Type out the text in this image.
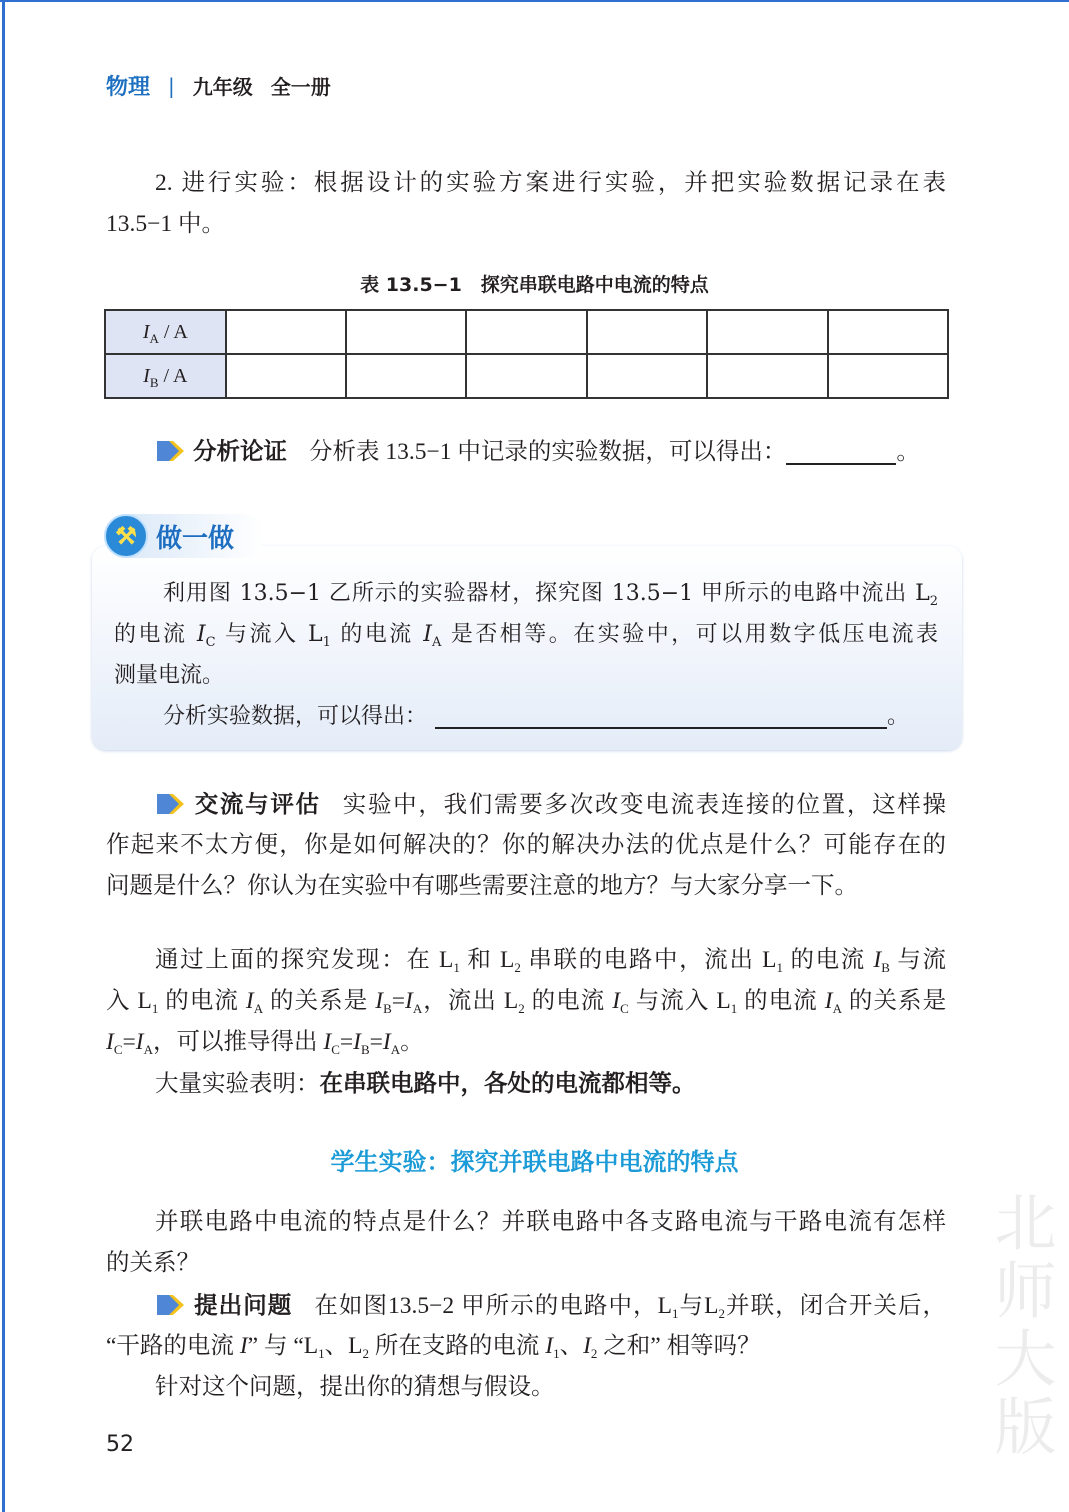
物理 | 九年级 全一册
2. 进行实验：根据设计的实验方案进行实验，并把实验数据记录在表
13.5−1 中。
表 13.5−1　探究串联电路中电流的特点
$I_A$ / A						
$I_B$ / A						
分析论证 分析表 13.5−1 中记录的实验数据，可以得出：	。
⚒ 做一做
利用图 13.5−1 乙所示的实验器材，探究图 13.5−1 甲所示的电路中流出 $L_2$
的电流 $I_C$ 与流入 $L_1$ 的电流 $I_A$ 是否相等。在实验中，可以用数字低压电流表
测量电流。
分析实验数据，可以得出：	。
交流与评估 实验中，我们需要多次改变电流表连接的位置，这样操
作起来不太方便，你是如何解决的？你的解决办法的优点是什么？可能存在的
问题是什么？你认为在实验中有哪些需要注意的地方？与大家分享一下。
通过上面的探究发现：在 $L_1$ 和 $L_2$ 串联的电路中，流出 $L_1$ 的电流 $I_B$ 与流
入 $L_1$ 的电流 $I_A$ 的关系是 $I_B=I_A$，流出 $L_2$ 的电流 $I_C$ 与流入 $L_1$ 的电流 $I_A$ 的关系是
$I_C=I_A$，可以推导得出 $I_C=I_B=I_A$。
大量实验表明：在串联电路中，各处的电流都相等。
学生实验：探究并联电路中电流的特点
并联电路中电流的特点是什么？并联电路中各支路电流与干路电流有怎样
的关系？
提出问题 在如图13.5−2 甲所示的电路中，$L_1$与$L_2$并联，闭合开关后，
“干路的电流 I” 与 “$L_1$、$L_2$ 所在支路的电流 $I_1$、$I_2$ 之和” 相等吗？
针对这个问题，提出你的猜想与假设。
52	北师大版
